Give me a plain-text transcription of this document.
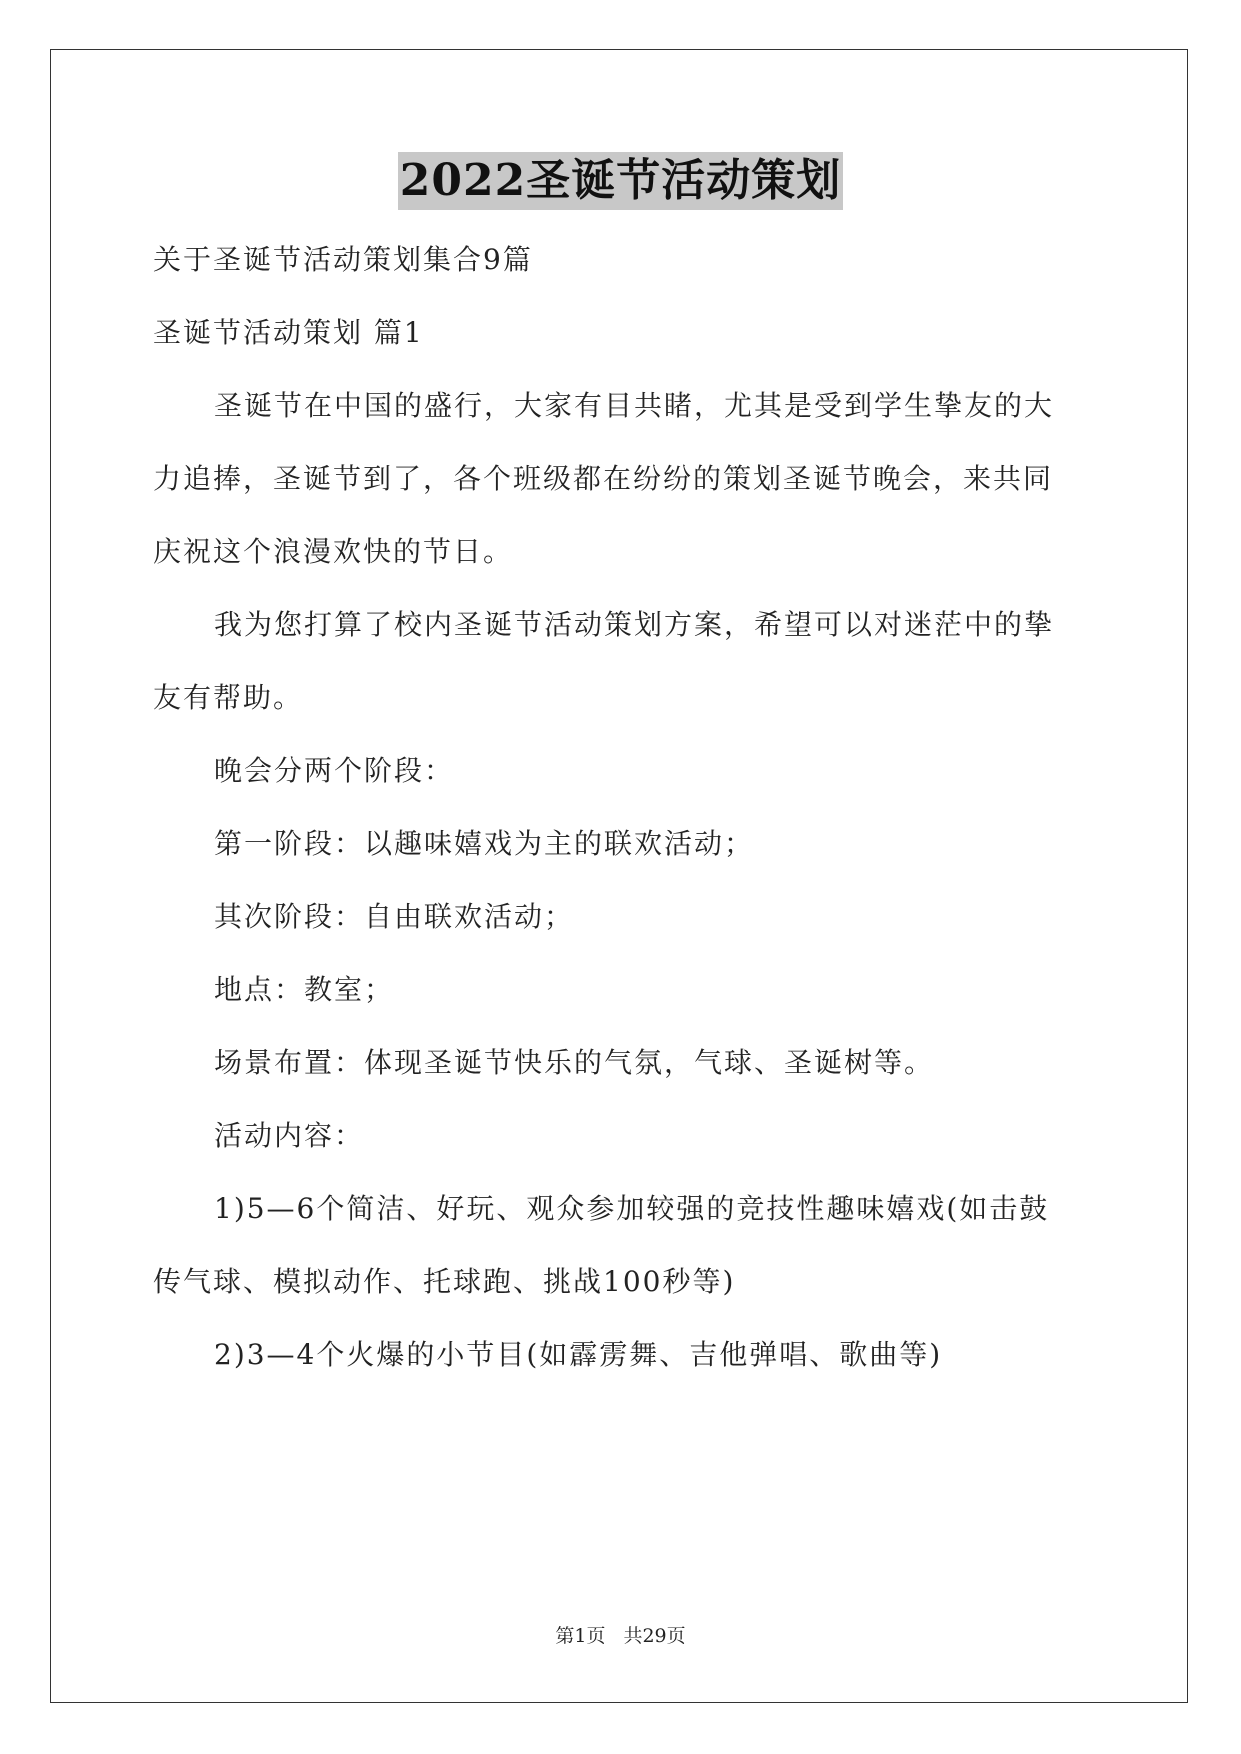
2022圣诞节活动策划
关于圣诞节活动策划集合9篇
圣诞节活动策划 篇1
圣诞节在中国的盛行，大家有目共睹，尤其是受到学生挚友的大
力追捧，圣诞节到了，各个班级都在纷纷的策划圣诞节晚会，来共同
庆祝这个浪漫欢快的节日。
我为您打算了校内圣诞节活动策划方案，希望可以对迷茫中的挚
友有帮助。
晚会分两个阶段：
第一阶段：以趣味嬉戏为主的联欢活动；
其次阶段：自由联欢活动；
地点：教室；
场景布置：体现圣诞节快乐的气氛，气球、圣诞树等。
活动内容：
1)5—6个简洁、好玩、观众参加较强的竞技性趣味嬉戏(如击鼓
传气球、模拟动作、托球跑、挑战100秒等)
2)3—4个火爆的小节目(如霹雳舞、吉他弹唱、歌曲等)
第1页 共29页
